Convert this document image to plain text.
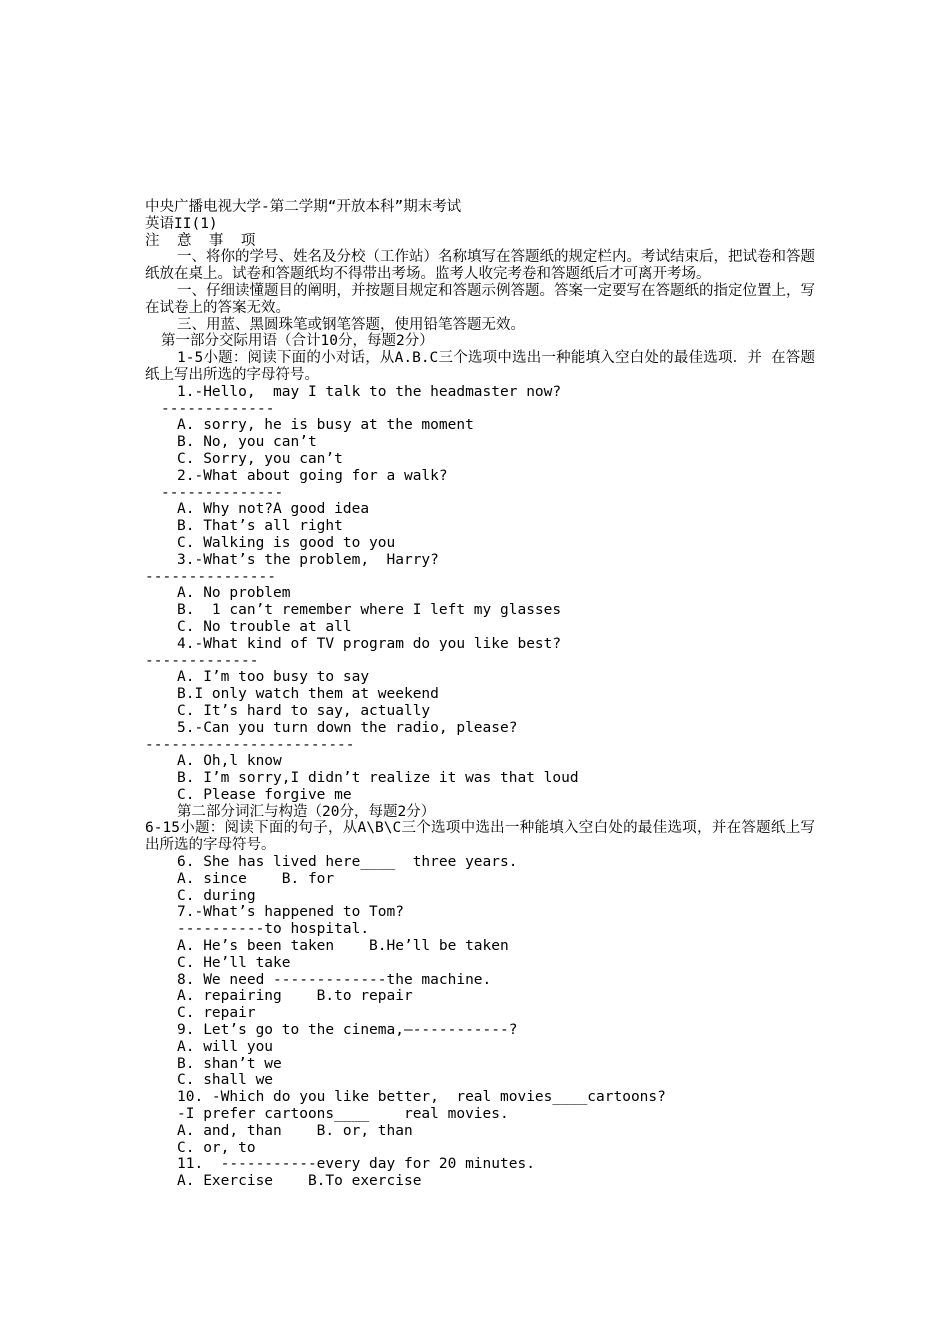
中央广播电视大学-第二学期“开放本科”期末考试
英语II(1)
注  意  事  项
一、将你的学号、姓名及分校（工作站）名称填写在答题纸的规定栏内。考试结束后，把试卷和答题纸放在桌上。试卷和答题纸均不得带出考场。监考人收完考卷和答题纸后才可离开考场。
一、仔细读懂题目的阐明，并按题目规定和答题示例答题。答案一定要写在答题纸的指定位置上，写在试卷上的答案无效。
三、用蓝、黑圆珠笔或钢笔答题，使用铅笔答题无效。
第一部分交际用语（合计10分，每题2分）
1-5小题：阅读下面的小对话，从A.B.C三个选项中选出一种能填入空白处的最佳选项．并 在答题纸上写出所选的字母符号。
1.-Hello,  may I talk to the headmaster now?
-------------
A. sorry, he is busy at the moment
B. No, you can’t
C. Sorry, you can’t
2.-What about going for a walk?
--------------
A. Why not?A good idea
B. That’s all right
C. Walking is good to you
3.-What’s the problem,  Harry?
---------------
A. No problem
B.  1 can’t remember where I left my glasses
C. No trouble at all
4.-What kind of TV program do you like best?
-------------
A. I’m too busy to say
B.I only watch them at weekend
C. It’s hard to say, actually
5.-Can you turn down the radio, please?
------------------------
A. Oh,l know
B. I’m sorry,I didn’t realize it was that loud
C. Please forgive me
第二部分词汇与构造（20分，每题2分）
6-15小题：阅读下面的句子，从A\B\C三个选项中选出一种能填入空白处的最佳选项，并在答题纸上写出所选的字母符号。
6. She has lived here____  three years.
A. since    B. for
C. during
7.-What’s happened to Tom?
----------to hospital.
A. He’s been taken    B.He’ll be taken
C. He’ll take
8. We need -------------the machine.
A. repairing    B.to repair
C. repair
9. Let’s go to the cinema,—-----------?
A. will you
B. shan’t we
C. shall we
10. -Which do you like better,  real movies____cartoons?
-I prefer cartoons____    real movies.
A. and, than    B. or, than
C. or, to
11.  -----------every day for 20 minutes.
A. Exercise    B.To exercise
